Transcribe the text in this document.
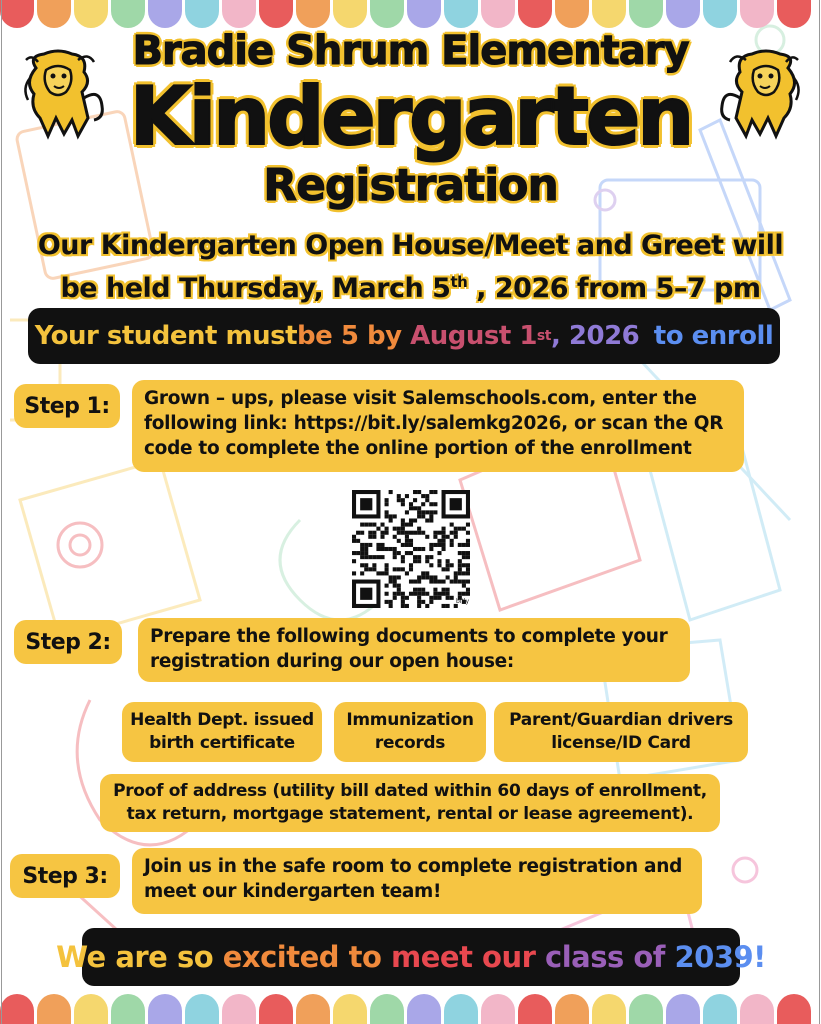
Bradie Shrum Elementary
Kindergarten
Registration
Our Kindergarten Open House/Meet and Greet will
be held Thursday, March 5th , 2026 from 5–7 pm
Your student must be 5 by August 1 st , 2026 to enroll
Step 1:	Grown – ups, please visit Salemschools.com, enter the following link: https://bit.ly/salemkg2026, or scan the QR code to complete the online portion of the enrollment
bitly
Step 2:	Prepare the following documents to complete your registration during our open house:
Health Dept. issued birth certificate
Immunization records
Parent/Guardian drivers license/ID Card
Proof of address (utility bill dated within 60 days of enrollment, tax return, mortgage statement, rental or lease agreement).
Step 3:	Join us in the safe room to complete registration and meet our kindergarten team!
We are so excited to meet our class of 2039!
